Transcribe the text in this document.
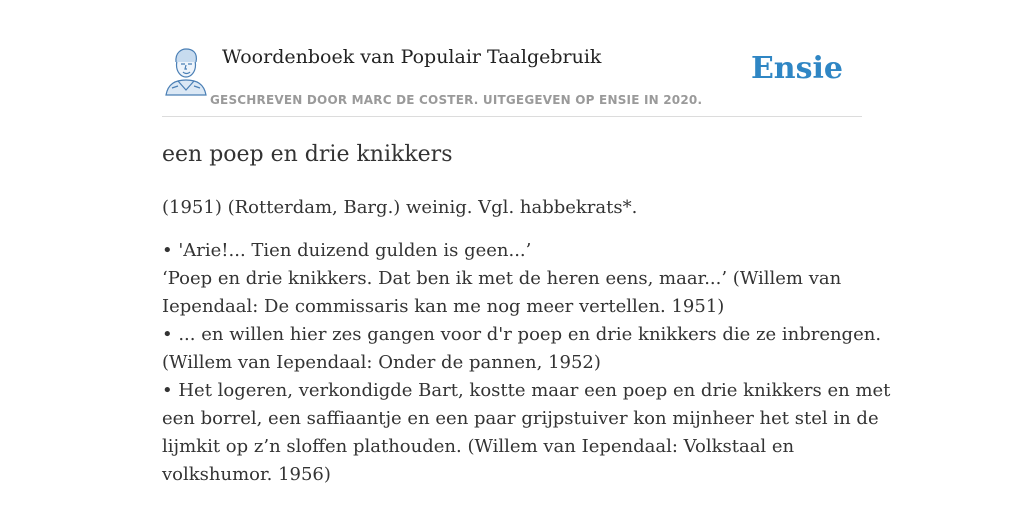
Woordenboek van Populair Taalgebruik
GESCHREVEN DOOR MARC DE COSTER. UITGEGEVEN OP ENSIE IN 2020.
Ensie
een poep en drie knikkers

(1951) (Rotterdam, Barg.) weinig. Vgl. habbekrats*.

• 'Arie!... Tien duizend gulden is geen...’
‘Poep en drie knikkers. Dat ben ik met de heren eens, maar...’ (Willem van
Iependaal: De commissaris kan me nog meer vertellen. 1951)
• ... en willen hier zes gangen voor d'r poep en drie knikkers die ze inbrengen.
(Willem van Iependaal: Onder de pannen, 1952)
• Het logeren, verkondigde Bart, kostte maar een poep en drie knikkers en met
een borrel, een saffiaantje en een paar grijpstuiver kon mijnheer het stel in de
lijmkit op z’n sloffen plathouden. (Willem van Iependaal: Volkstaal en
volkshumor. 1956)
